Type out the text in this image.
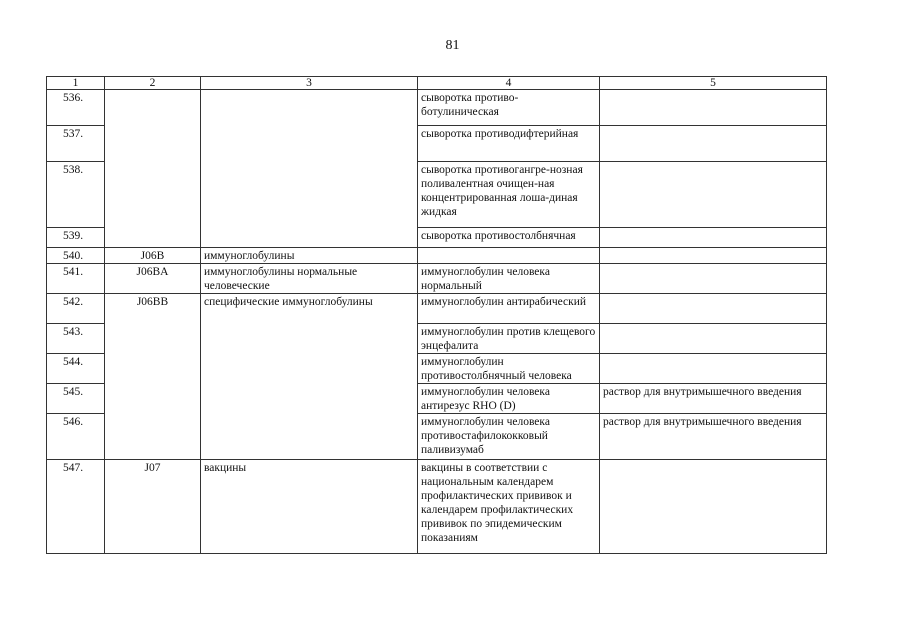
81
1	2	3	4	5
536.			сыворотка противо-ботулиническая	
537.			сыворотка противодифтерийная	
538.			сыворотка противогангре-нозная поливалентная очищен-ная концентрированная лоша-диная жидкая	
539.			сыворотка противостолбнячная	
540.	J06B	иммуноглобулины		
541.	J06BA	иммуноглобулины нормальные человеческие	иммуноглобулин человека нормальный	
542.	J06BB	специфические иммуноглобулины	иммуноглобулин антирабический	
543.			иммуноглобулин против клещевого энцефалита	
544.			иммуноглобулин противостолбнячный человека	
545.			иммуноглобулин человека антирезус RHO (D)	раствор для внутримышечного введения
546.			иммуноглобулин человека противостафилококковый паливизумаб	раствор для внутримышечного введения
547.	J07	вакцины	вакцины в соответствии с национальным календарем профилактических прививок и календарем профилактических прививок по эпидемическим показаниям	
